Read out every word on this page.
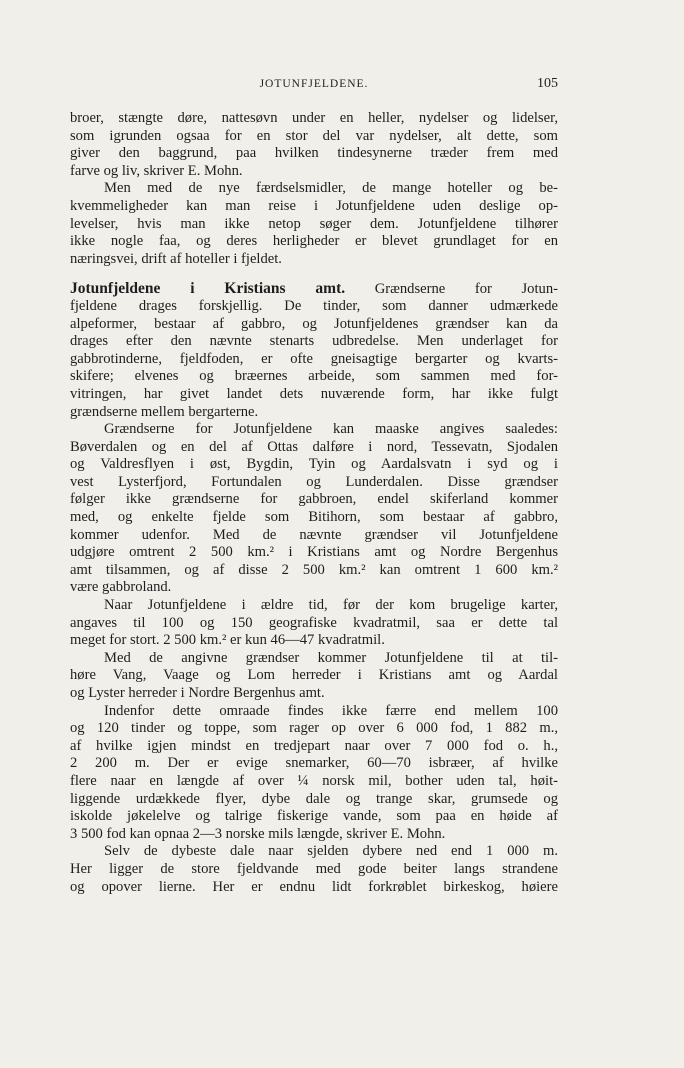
JOTUNFJELDENE.	105
broer, stængte døre, nattesøvn under en heller, nydelser og lidelser,
som igrunden ogsaa for en stor del var nydelser, alt dette, som
giver den baggrund, paa hvilken tindesynerne træder frem med
farve og liv, skriver E. Mohn.
Men med de nye færdselsmidler, de mange hoteller og be-
kvemmeligheder kan man reise i Jotunfjeldene uden deslige op-
levelser, hvis man ikke netop søger dem. Jotunfjeldene tilhører
ikke nogle faa, og deres herligheder er blevet grundlaget for en
næringsvei, drift af hoteller i fjeldet.
Jotunfjeldene i Kristians amt. Grændserne for Jotun-
fjeldene drages forskjellig. De tinder, som danner udmærkede
alpeformer, bestaar af gabbro, og Jotunfjeldenes grændser kan da
drages efter den nævnte stenarts udbredelse. Men underlaget for
gabbrotinderne, fjeldfoden, er ofte gneisagtige bergarter og kvarts-
skifere; elvenes og bræernes arbeide, som sammen med for-
vitringen, har givet landet dets nuværende form, har ikke fulgt
grændserne mellem bergarterne.
Grændserne for Jotunfjeldene kan maaske angives saaledes:
Bøverdalen og en del af Ottas dalføre i nord, Tessevatn, Sjodalen
og Valdresflyen i øst, Bygdin, Tyin og Aardalsvatn i syd og i
vest Lysterfjord, Fortundalen og Lunderdalen. Disse grændser
følger ikke grændserne for gabbroen, endel skiferland kommer
med, og enkelte fjelde som Bitihorn, som bestaar af gabbro,
kommer udenfor. Med de nævnte grændser vil Jotunfjeldene
udgjøre omtrent 2 500 km.² i Kristians amt og Nordre Bergenhus
amt tilsammen, og af disse 2 500 km.² kan omtrent 1 600 km.²
være gabbroland.
Naar Jotunfjeldene i ældre tid, før der kom brugelige karter,
angaves til 100 og 150 geografiske kvadratmil, saa er dette tal
meget for stort. 2 500 km.² er kun 46—47 kvadratmil.
Med de angivne grændser kommer Jotunfjeldene til at til-
høre Vang, Vaage og Lom herreder i Kristians amt og Aardal
og Lyster herreder i Nordre Bergenhus amt.
Indenfor dette omraade findes ikke færre end mellem 100
og 120 tinder og toppe, som rager op over 6 000 fod, 1 882 m.,
af hvilke igjen mindst en tredjepart naar over 7 000 fod o. h.,
2 200 m. Der er evige snemarker, 60—70 isbræer, af hvilke
flere naar en længde af over ¼ norsk mil, bother uden tal, høit-
liggende urdækkede flyer, dybe dale og trange skar, grumsede og
iskolde jøkelelve og talrige fiskerige vande, som paa en høide af
3 500 fod kan opnaa 2—3 norske mils længde, skriver E. Mohn.
Selv de dybeste dale naar sjelden dybere ned end 1 000 m.
Her ligger de store fjeldvande med gode beiter langs strandene
og opover lierne. Her er endnu lidt forkrøblet birkeskog, høiere
